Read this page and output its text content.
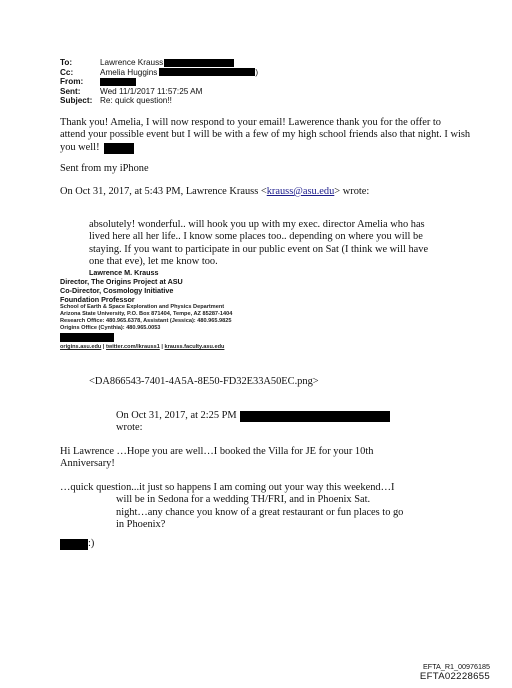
To:	Lawrence Krauss
Cc:	Amelia Huggins	)
From:
Sent:	Wed 11/1/2017 11:57:25 AM
Subject: Re: quick question!!
Thank you! Amelia, I will now respond to your email! Lawerence thank you for the offer to
attend your possible event but I will be with a few of my high school friends also that night. I wish
you well!
Sent from my iPhone
On Oct 31, 2017, at 5:43 PM, Lawrence Krauss <krauss@asu.edu> wrote:
absolutely! wonderful.. will hook you up with my exec. director Amelia who has
lived here all her life.. I know some places too.. depending on where you will be
staying. If you want to participate in our public event on Sat (I think we will have
one that eve), let me know too.
Lawrence M. Krauss
Director, The Origins Project at ASU
Co-Director, Cosmology Initiative
Foundation Professor
School of Earth & Space Exploration and Physics Department
Arizona State University, P.O. Box 871404, Tempe, AZ 85287-1404
Research Office: 480.965.6378, Assistant (Jessica): 480.965.9825
Origins Office (Cynthia): 480.965.0053
origins.asu.edu | twitter.com/lkrauss1 | krauss.faculty.asu.edu
<DA866543-7401-4A5A-8E50-FD32E33A50EC.png>
On Oct 31, 2017, at 2:25 PM
wrote:
Hi Lawrence …Hope you are well…I booked the Villa for JE for your 10th
Anniversary!
…quick question...it just so happens I am coming out your way this weekend…I
will be in Sedona for a wedding TH/FRI, and in Phoenix Sat.
night…any chance you know of a great restaurant or fun places to go
in Phoenix?
:)
EFTA_R1_00976185
EFTA02228655
